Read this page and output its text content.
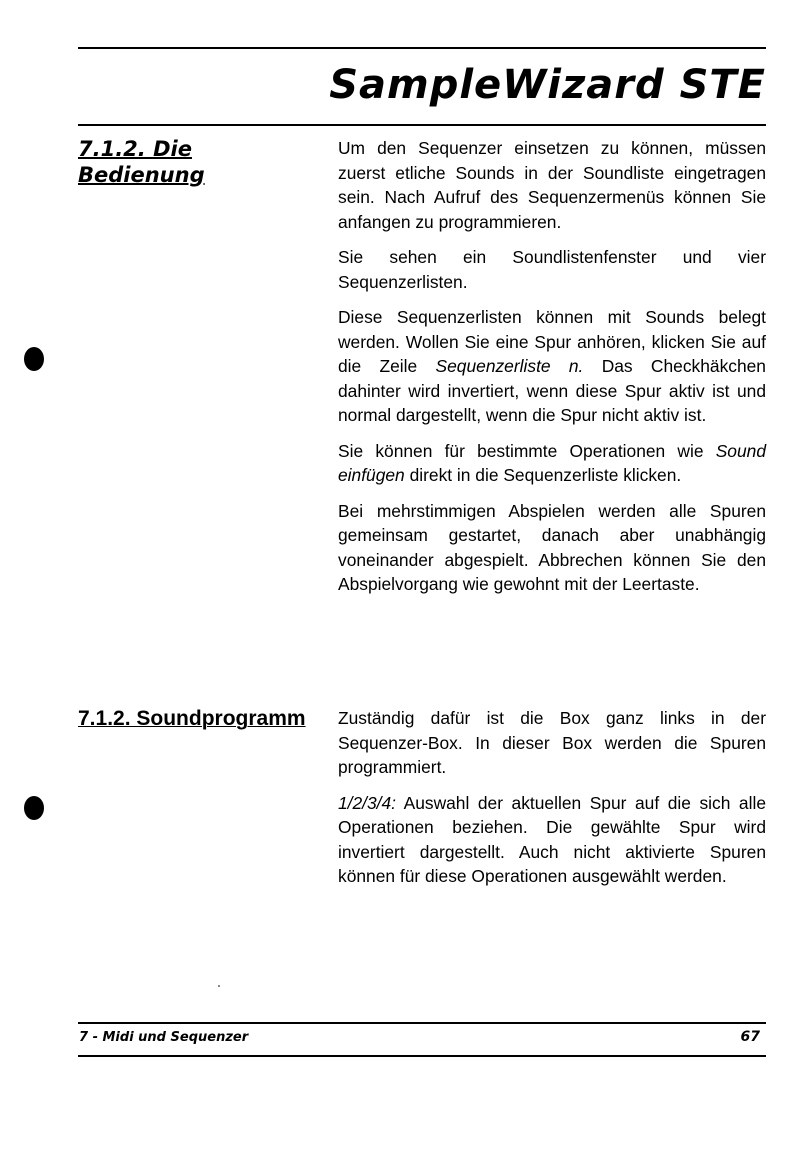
SampleWizard STE
7.1.2. Die
Bedienung

Um den Sequenzer einsetzen zu können, müssen zuerst etliche Sounds in der Soundliste eingetragen sein. Nach Aufruf des Sequenzermenüs können Sie anfangen zu programmieren.

Sie sehen ein Soundlistenfenster und vier Sequenzerlisten.

Diese Sequenzerlisten können mit Sounds belegt werden. Wollen Sie eine Spur anhören, klicken Sie auf die Zeile Sequenzerliste n. Das Checkhäkchen dahinter wird invertiert, wenn diese Spur aktiv ist und normal dargestellt, wenn die Spur nicht aktiv ist.

Sie können für bestimmte Operationen wie Sound einfügen direkt in die Sequenzerliste klicken.

Bei mehrstimmigen Abspielen werden alle Spuren gemeinsam gestartet, danach aber unabhängig voneinander abgespielt. Abbrechen können Sie den Abspielvorgang wie gewohnt mit der Leertaste.

7.1.2. Soundprogramm Zuständig dafür ist die Box ganz links in der Sequenzer-Box. In dieser Box werden die Spuren programmiert.

1/2/3/4: Auswahl der aktuellen Spur auf die sich alle Operationen beziehen. Die gewählte Spur wird invertiert dargestellt. Auch nicht aktivierte Spuren können für diese Operationen ausgewählt werden.

7 - Midi und Sequenzer	67
